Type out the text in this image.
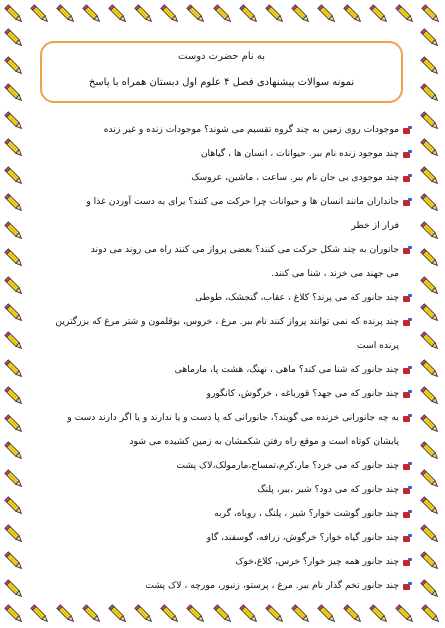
به نام حضرت دوست
نمونه سوالات پیشنهادی فصل ۴ علوم اول دبستان همراه با پاسخ
موجودات روی زمین به چند گروه تقسیم می شوند؟ موجودات زنده و غیر زنده
چند موجود زنده نام ببر. حیوانات ، انسان ها ، گیاهان
چند موجودی بی جان نام ببر. ساعت ، ماشین، عروسک
جانداران مانند انسان ها و حیوانات چرا حرکت می کنند؟ برای به دست آوردن غذا و
فرار از خطر
جانوران به چند شکل حرکت می کنند؟ بعضی پرواز می کنند راه می روند می دوند
می جهند می خزند ، شنا می کنند.
چند جانور که می پرند؟ کلاغ ، عقاب، گنجشک، طوطی
چند پرنده که نمی توانند پرواز کنند نام ببر. مرغ ، خروس، بوقلمون و شتر مرغ که بزرگترین
پرنده است
چند جانور که شنا می کند؟ ماهی ، نهنگ، هشت پا، مارماهی
چند جانور که می جهد؟ قورباغه ، خرگوش، کانگورو
به چه جانورانی خزنده می گویند؟، جانورانی که پا دست و یا ندارند و یا اگر دارند دست و
پایشان کوتاه است و موقع راه رفتن شکمشان به زمین کشیده می شود
چند جانور که می خزد؟ مار،کرم،تمساح،مارمولک،لاک پشت
چند جانور که می دود؟ شیر ،ببر، پلنگ
چند جانور گوشت خوار؟ شیر ، پلنگ ، روباه، گربه
چند جانور گیاه خوار؟ خرگوش، زرافه، گوسفند، گاو
چند جانور همه چیز خوار؟ خرس، کلاغ،خوک
چند جانور تخم گذار نام ببر. مرغ ، پرستو، زنبور، مورچه ، لاک پشت
